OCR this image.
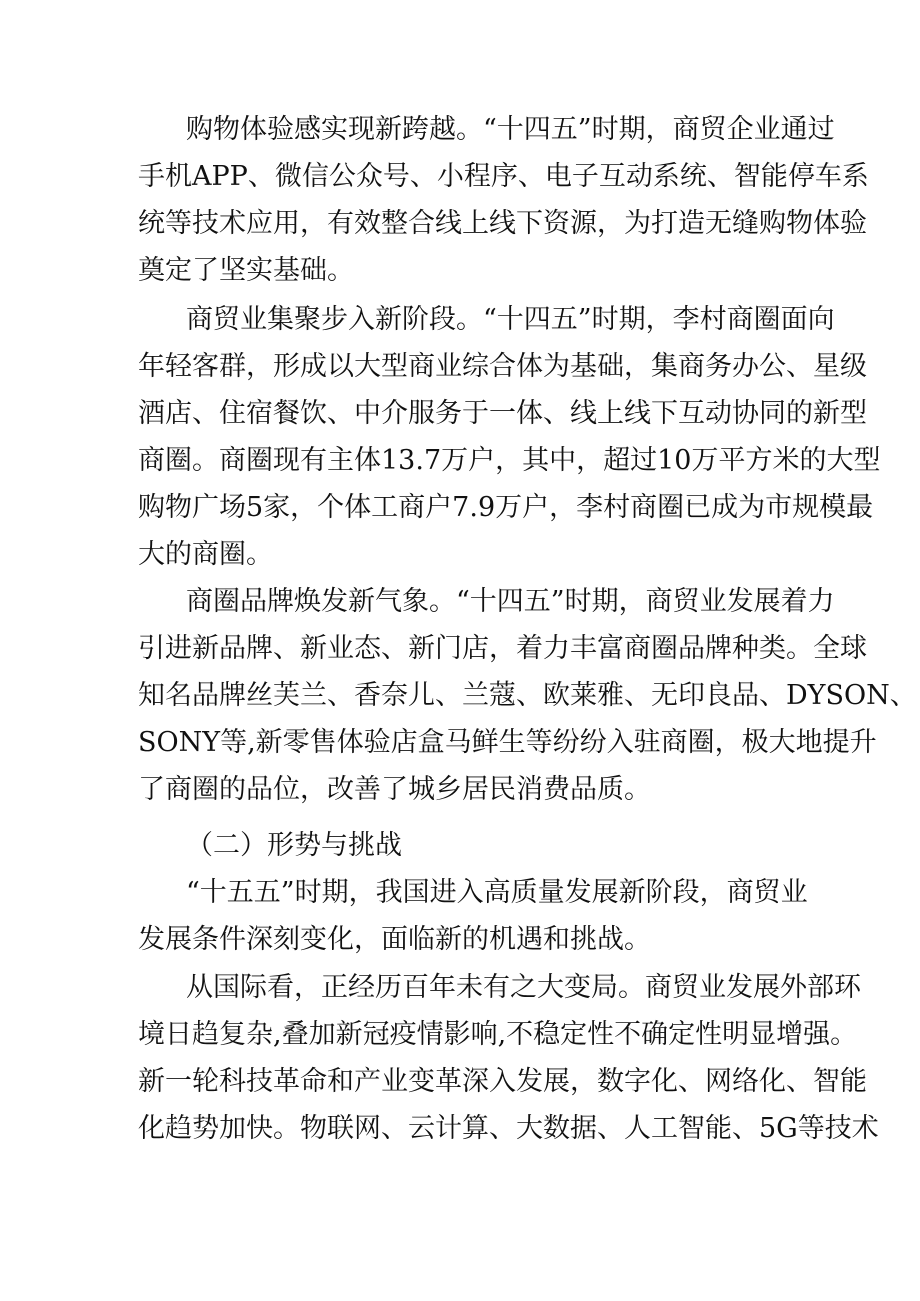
购物体验感实现新跨越。“十四五”时期，商贸企业通过
手机APP、微信公众号、小程序、电子互动系统、智能停车系
统等技术应用，有效整合线上线下资源，为打造无缝购物体验
奠定了坚实基础。
商贸业集聚步入新阶段。“十四五”时期，李村商圈面向
年轻客群，形成以大型商业综合体为基础，集商务办公、星级
酒店、住宿餐饮、中介服务于一体、线上线下互动协同的新型
商圈。商圈现有主体13.7万户，其中，超过10万平方米的大型
购物广场5家，个体工商户7.9万户，李村商圈已成为市规模最
大的商圈。
商圈品牌焕发新气象。“十四五”时期，商贸业发展着力
引进新品牌、新业态、新门店，着力丰富商圈品牌种类。全球
知名品牌丝芙兰、香奈儿、兰蔻、欧莱雅、无印良品、DYSON、
SONY等,新零售体验店盒马鲜生等纷纷入驻商圈，极大地提升
了商圈的品位，改善了城乡居民消费品质。
（二）形势与挑战
“十五五”时期，我国进入高质量发展新阶段，商贸业
发展条件深刻变化，面临新的机遇和挑战。
从国际看，正经历百年未有之大变局。商贸业发展外部环
境日趋复杂,叠加新冠疫情影响,不稳定性不确定性明显增强。
新一轮科技革命和产业变革深入发展，数字化、网络化、智能
化趋势加快。物联网、云计算、大数据、人工智能、5G等技术
